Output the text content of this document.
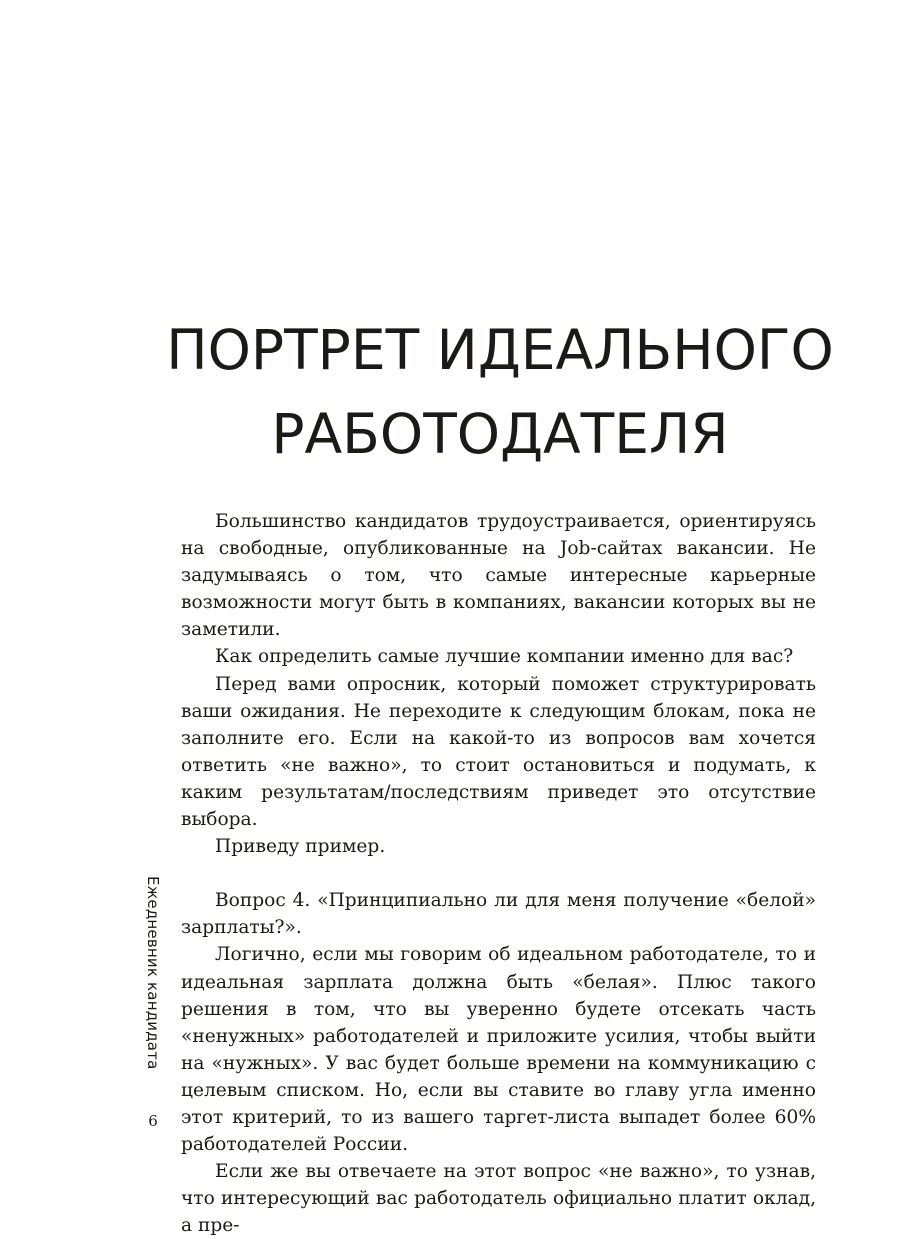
ПОРТРЕТ ИДЕАЛЬНОГО
РАБОТОДАТЕЛЯ

Большинство кандидатов трудоустраивается, ориентируясь на свободные, опубликованные на Job-сайтах вакансии. Не задумываясь о том, что самые интересные карьерные возможности могут быть в компаниях, вакансии которых вы не заметили.

Как определить самые лучшие компании именно для вас?

Перед вами опросник, который поможет структурировать ваши ожидания. Не переходите к следующим блокам, пока не заполните его. Если на какой-то из вопросов вам хочется ответить «не важно», то стоит остановиться и подумать, к каким результатам/последствиям приведет это отсутствие выбора.

Приведу пример.

Вопрос 4. «Принципиально ли для меня получение «белой» зарплаты?».

Логично, если мы говорим об идеальном работодателе, то и идеальная зарплата должна быть «белая». Плюс такого решения в том, что вы уверенно будете отсекать часть «ненужных» работодателей и приложите усилия, чтобы выйти на «нужных». У вас будет больше времени на коммуникацию с целевым списком. Но, если вы ставите во главу угла именно этот критерий, то из вашего таргет-листа выпадет более 60% работодателей России.

Если же вы отвечаете на этот вопрос «не важно», то узнав, что интересующий вас работодатель официально платит оклад, а пре-

Ежедневник кандидата
6
